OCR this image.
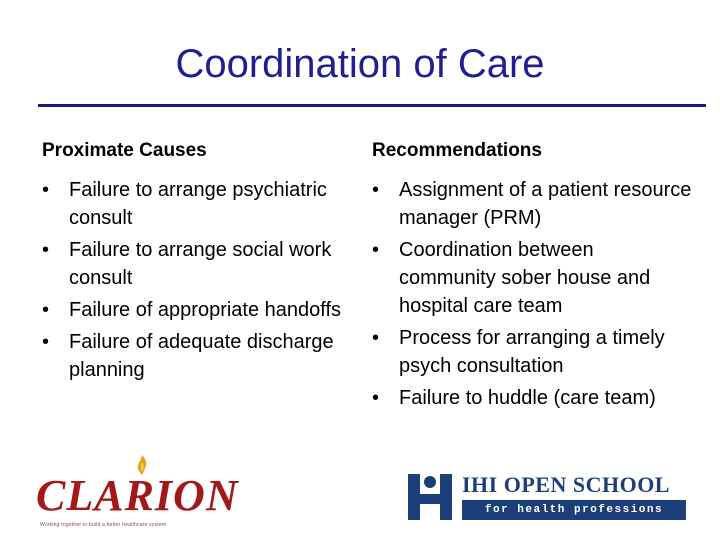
Coordination of Care
Proximate Causes
• Failure to arrange psychiatric consult
• Failure to arrange social work consult
• Failure of appropriate handoffs
• Failure of adequate discharge planning
Recommendations
• Assignment of a patient resource manager (PRM)
• Coordination between community sober house and hospital care team
• Process for arranging a timely psych consultation
• Failure to huddle (care team)
CLARION
Working together to build a better healthcare system
IHI OPEN SCHOOL
for health professions
